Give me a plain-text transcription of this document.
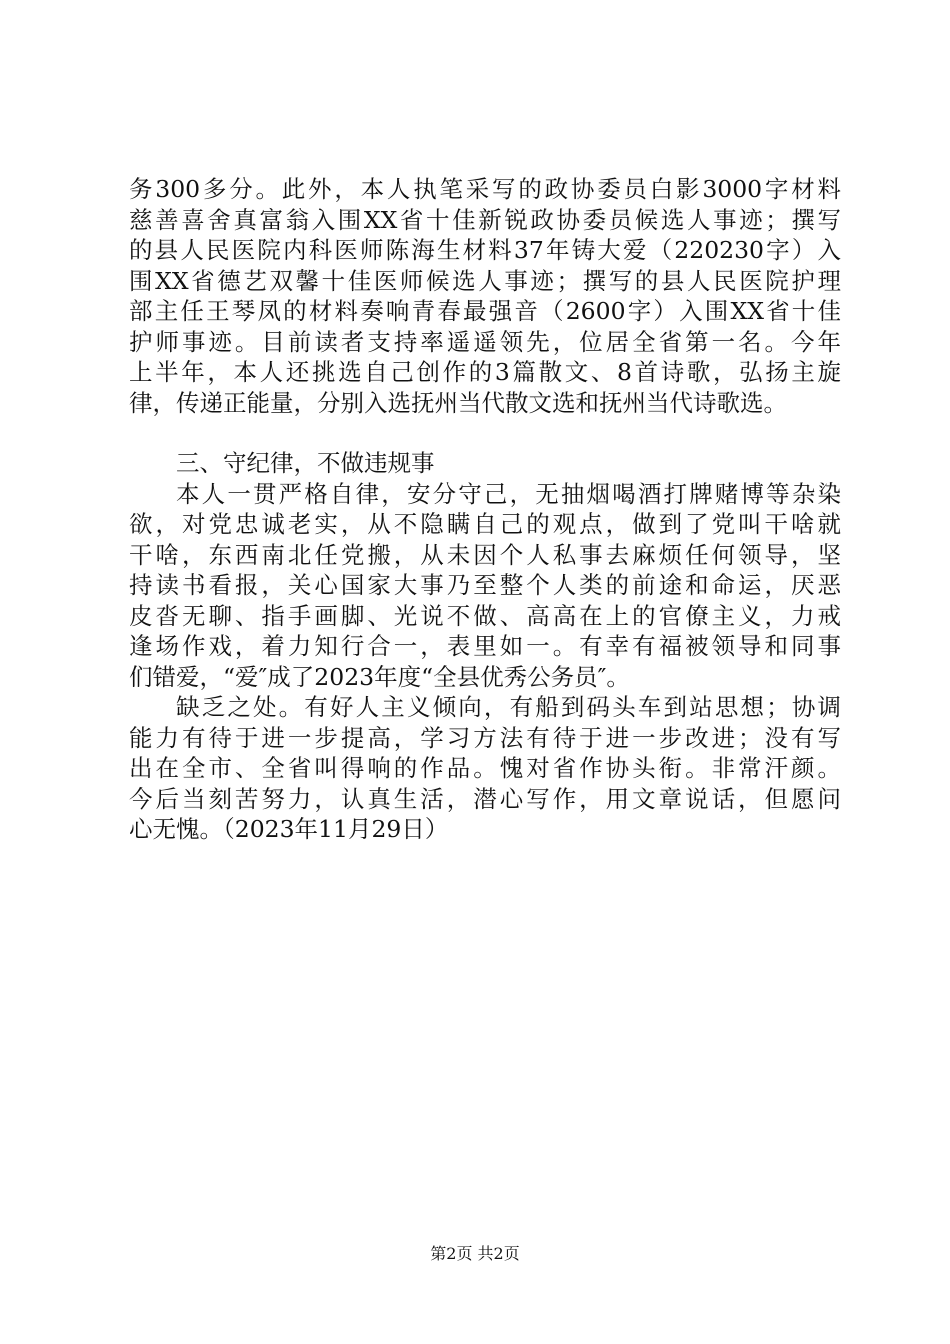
务300多分。此外，本人执笔采写的政协委员白影3000字材料
慈善喜舍真富翁入围XX省十佳新锐政协委员候选人事迹；撰写
的县人民医院内科医师陈海生材料37年铸大爱（220230字）入
围XX省德艺双馨十佳医师候选人事迹；撰写的县人民医院护理
部主任王琴凤的材料奏响青春最强音（2600字）入围XX省十佳
护师事迹。目前读者支持率遥遥领先，位居全省第一名。今年
上半年，本人还挑选自己创作的3篇散文、8首诗歌，弘扬主旋
律，传递正能量，分别入选抚州当代散文选和抚州当代诗歌选。
三、守纪律，不做违规事
本人一贯严格自律，安分守己，无抽烟喝酒打牌赌博等杂染
欲，对党忠诚老实，从不隐瞒自己的观点，做到了党叫干啥就
干啥，东西南北任党搬，从未因个人私事去麻烦任何领导，坚
持读书看报，关心国家大事乃至整个人类的前途和命运，厌恶
皮沓无聊、指手画脚、光说不做、高高在上的官僚主义，力戒
逢场作戏，着力知行合一，表里如一。有幸有福被领导和同事
们错爱，“爱″成了2023年度“全县优秀公务员″。
缺乏之处。有好人主义倾向，有船到码头车到站思想；协调
能力有待于进一步提高，学习方法有待于进一步改进；没有写
出在全市、全省叫得响的作品。愧对省作协头衔。非常汗颜。
今后当刻苦努力，认真生活，潜心写作，用文章说话，但愿问
心无愧。（2023年11月29日）
第2页 共2页
